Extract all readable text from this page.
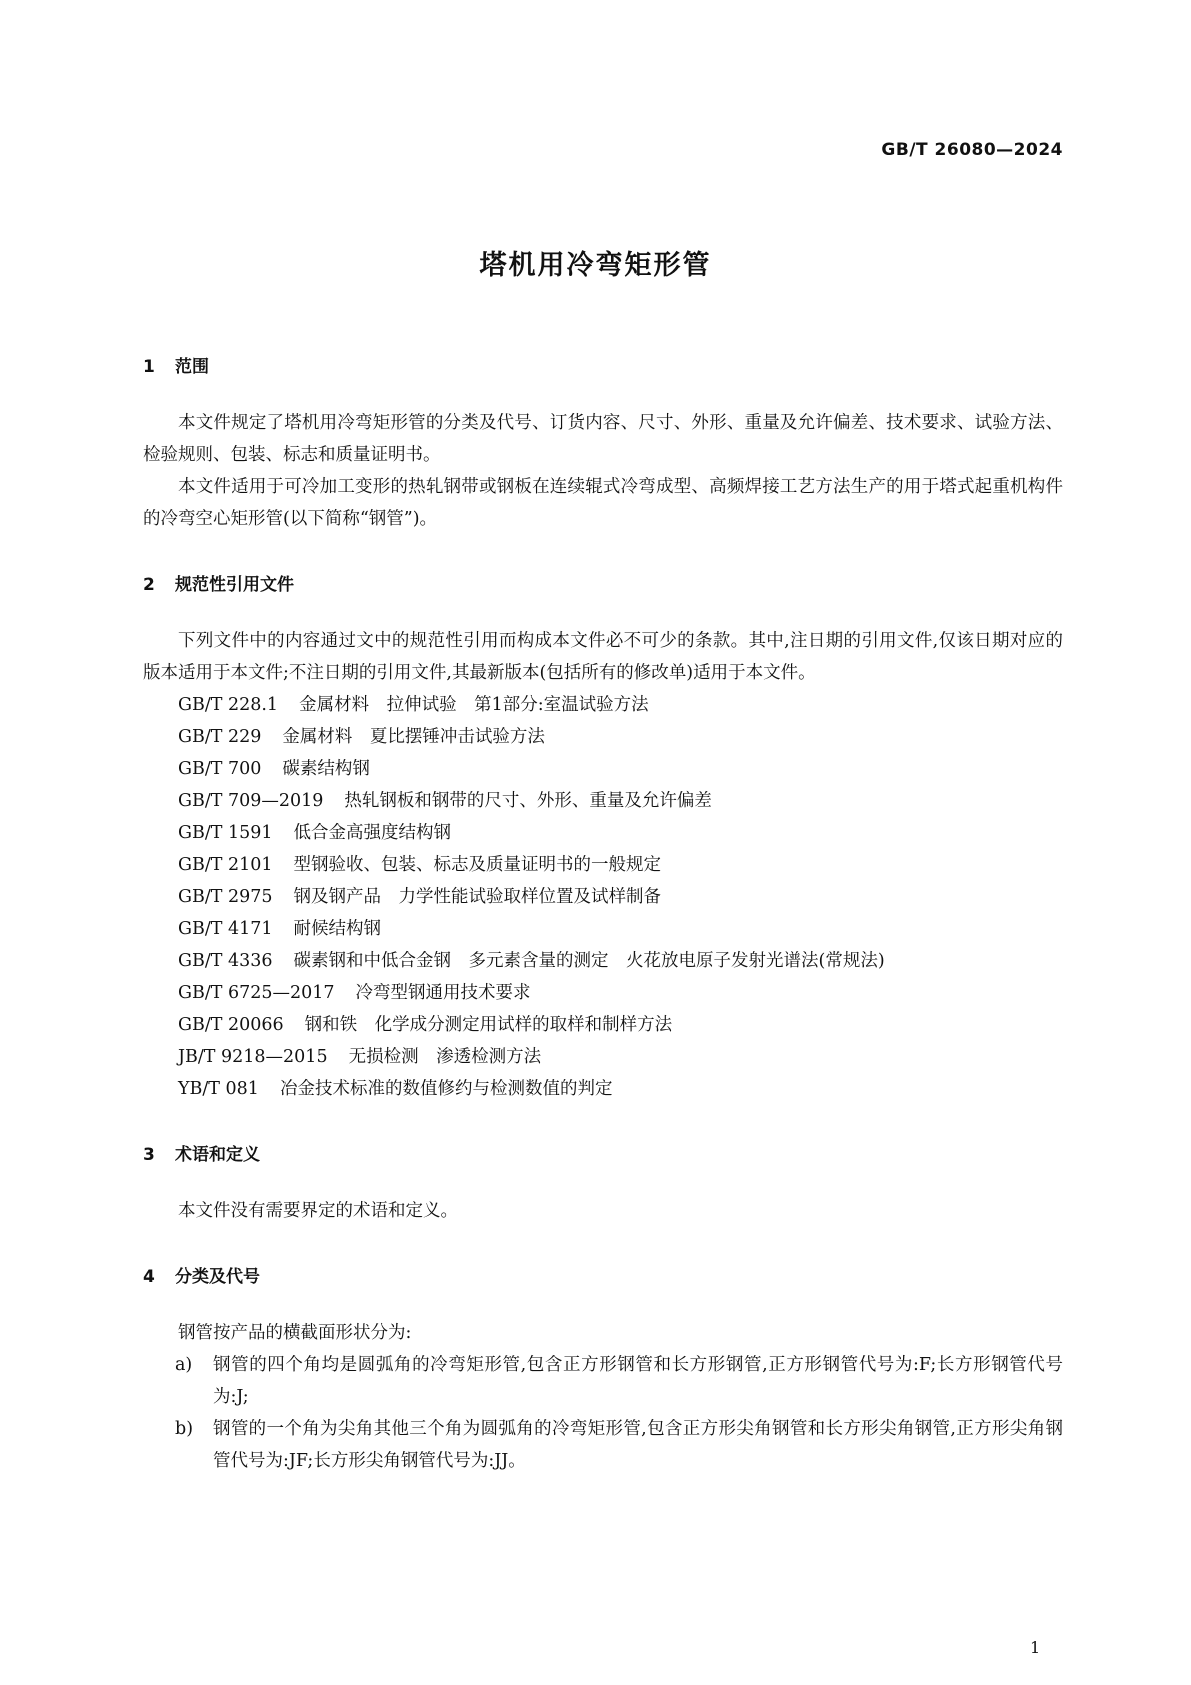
GB/T 26080—2024
塔机用冷弯矩形管
1 范围
本文件规定了塔机用冷弯矩形管的分类及代号、订货内容、尺寸、外形、重量及允许偏差、技术要求、试验方法、检验规则、包装、标志和质量证明书。
本文件适用于可冷加工变形的热轧钢带或钢板在连续辊式冷弯成型、高频焊接工艺方法生产的用于塔式起重机构件的冷弯空心矩形管(以下简称“钢管”)。
2 规范性引用文件
下列文件中的内容通过文中的规范性引用而构成本文件必不可少的条款。其中,注日期的引用文件,仅该日期对应的版本适用于本文件;不注日期的引用文件,其最新版本(包括所有的修改单)适用于本文件。
GB/T 228.1 金属材料　拉伸试验　第1部分:室温试验方法
GB/T 229 金属材料　夏比摆锤冲击试验方法
GB/T 700 碳素结构钢
GB/T 709—2019 热轧钢板和钢带的尺寸、外形、重量及允许偏差
GB/T 1591 低合金高强度结构钢
GB/T 2101 型钢验收、包装、标志及质量证明书的一般规定
GB/T 2975 钢及钢产品　力学性能试验取样位置及试样制备
GB/T 4171 耐候结构钢
GB/T 4336 碳素钢和中低合金钢　多元素含量的测定　火花放电原子发射光谱法(常规法)
GB/T 6725—2017 冷弯型钢通用技术要求
GB/T 20066 钢和铁　化学成分测定用试样的取样和制样方法
JB/T 9218—2015 无损检测　渗透检测方法
YB/T 081 冶金技术标准的数值修约与检测数值的判定
3 术语和定义
本文件没有需要界定的术语和定义。
4 分类及代号
钢管按产品的横截面形状分为:
a) 钢管的四个角均是圆弧角的冷弯矩形管,包含正方形钢管和长方形钢管,正方形钢管代号为:F;长方形钢管代号为:J;
b) 钢管的一个角为尖角其他三个角为圆弧角的冷弯矩形管,包含正方形尖角钢管和长方形尖角钢管,正方形尖角钢管代号为:JF;长方形尖角钢管代号为:JJ。
1
